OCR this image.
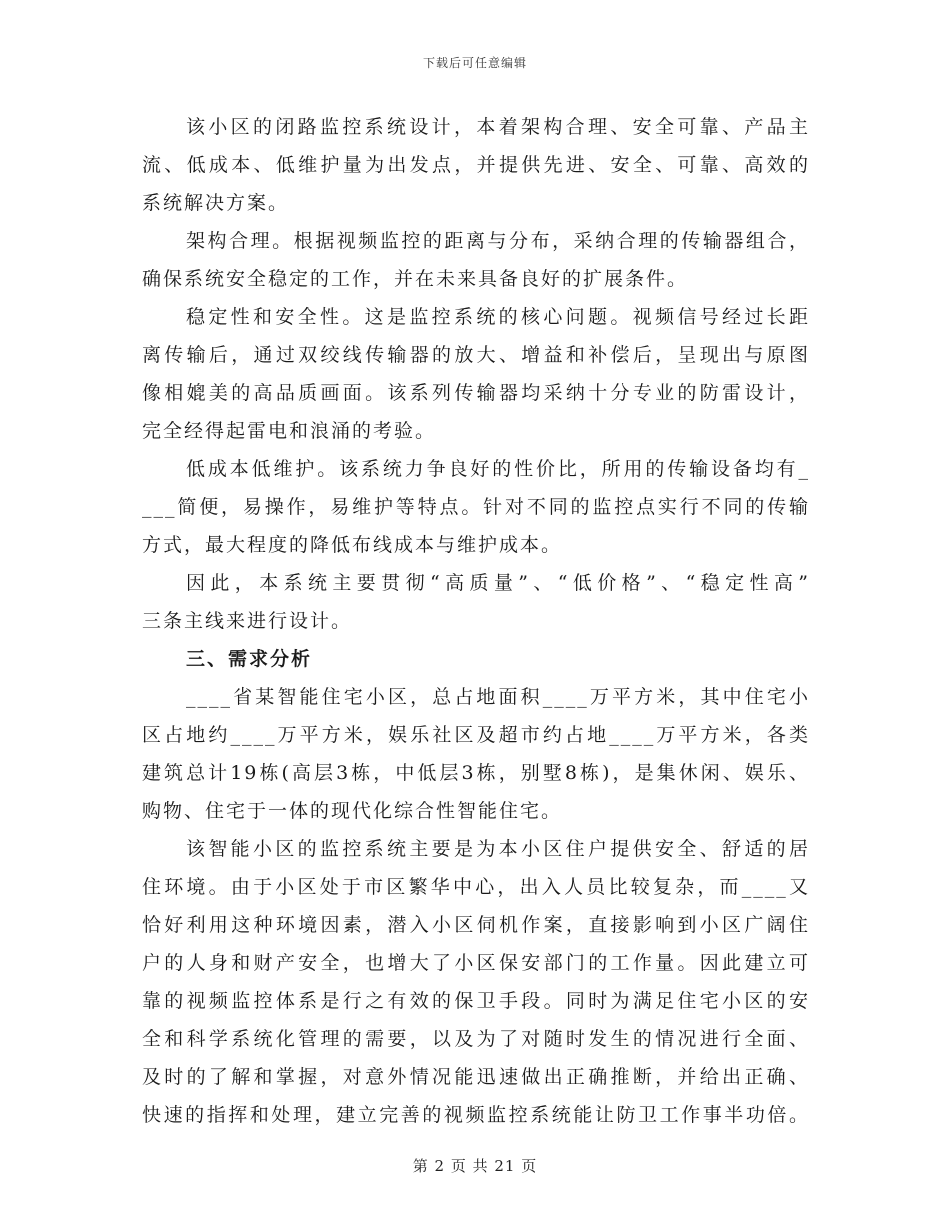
下载后可任意编辑
该小区的闭路监控系统设计，本着架构合理、安全可靠、产品主
流、低成本、低维护量为出发点，并提供先进、安全、可靠、高效的
系统解决方案。
架构合理。根据视频监控的距离与分布，采纳合理的传输器组合，
确保系统安全稳定的工作，并在未来具备良好的扩展条件。
稳定性和安全性。这是监控系统的核心问题。视频信号经过长距
离传输后，通过双绞线传输器的放大、增益和补偿后，呈现出与原图
像相媲美的高品质画面。该系列传输器均采纳十分专业的防雷设计，
完全经得起雷电和浪涌的考验。
低成本低维护。该系统力争良好的性价比，所用的传输设备均有_
___简便，易操作，易维护等特点。针对不同的监控点实行不同的传输
方式，最大程度的降低布线成本与维护成本。
因此，本系统主要贯彻“高质量”、“低价格”、“稳定性高”
三条主线来进行设计。
三、需求分析
____省某智能住宅小区，总占地面积____万平方米，其中住宅小
区占地约____万平方米，娱乐社区及超市约占地____万平方米，各类
建筑总计19栋(高层3栋，中低层3栋，别墅8栋)，是集休闲、娱乐、
购物、住宅于一体的现代化综合性智能住宅。
该智能小区的监控系统主要是为本小区住户提供安全、舒适的居
住环境。由于小区处于市区繁华中心，出入人员比较复杂，而____又
恰好利用这种环境因素，潜入小区伺机作案，直接影响到小区广阔住
户的人身和财产安全，也增大了小区保安部门的工作量。因此建立可
靠的视频监控体系是行之有效的保卫手段。同时为满足住宅小区的安
全和科学系统化管理的需要，以及为了对随时发生的情况进行全面、
及时的了解和掌握，对意外情况能迅速做出正确推断，并给出正确、
快速的指挥和处理，建立完善的视频监控系统能让防卫工作事半功倍。
第 2 页 共 21 页
